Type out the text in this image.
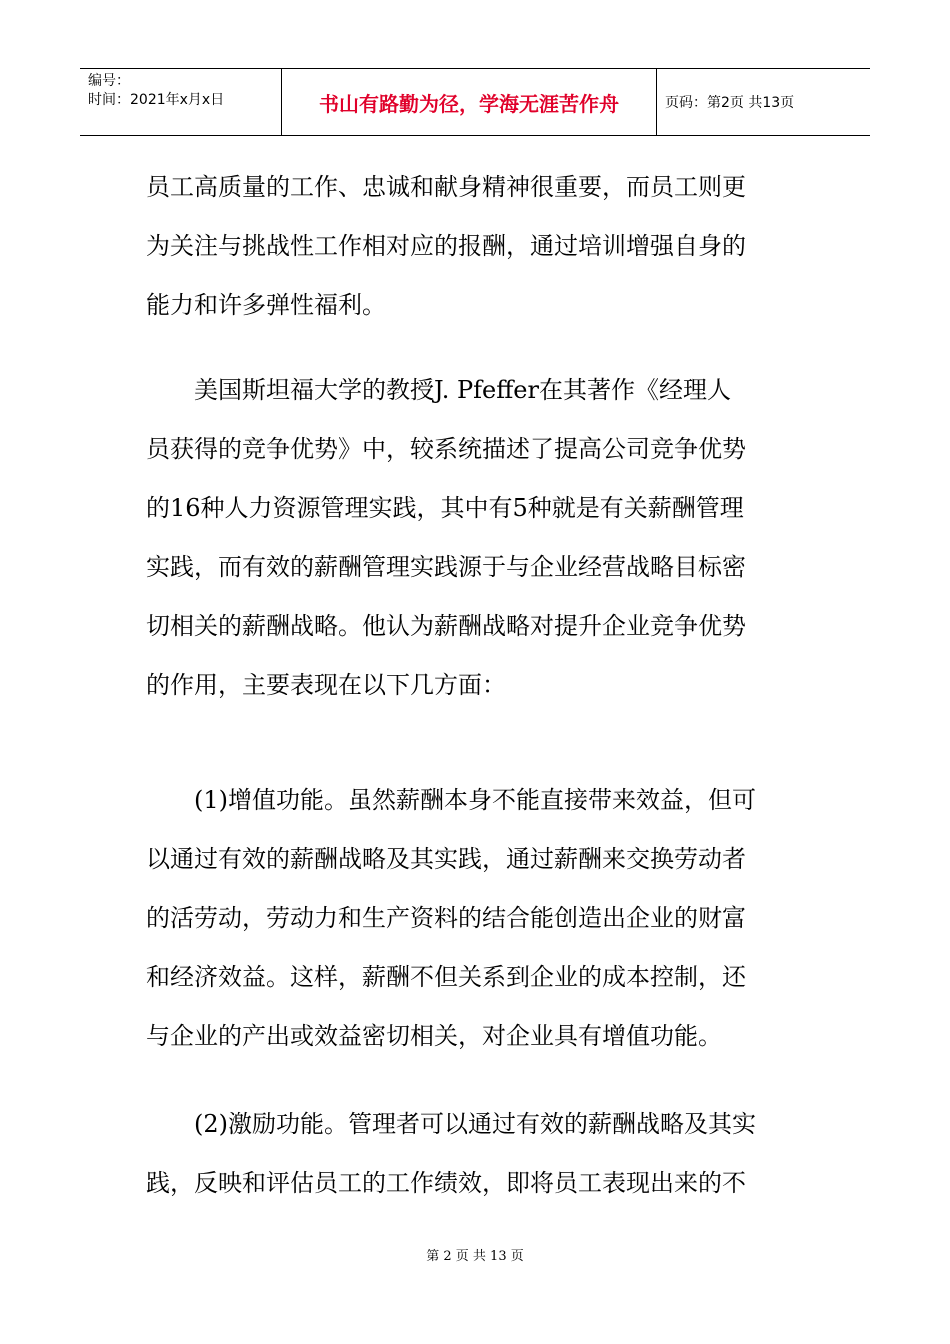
编号：
时间：2021年x月x日	书山有路勤为径，学海无涯苦作舟	页码：第2页 共13页
员工高质量的工作、忠诚和献身精神很重要，而员工则更
为关注与挑战性工作相对应的报酬，通过培训增强自身的
能力和许多弹性福利。
　　美国斯坦福大学的教授J. Pfeffer在其著作《经理人
员获得的竞争优势》中，较系统描述了提高公司竞争优势
的16种人力资源管理实践，其中有5种就是有关薪酬管理
实践，而有效的薪酬管理实践源于与企业经营战略目标密
切相关的薪酬战略。他认为薪酬战略对提升企业竞争优势
的作用，主要表现在以下几方面：
　　(1)增值功能。虽然薪酬本身不能直接带来效益，但可
以通过有效的薪酬战略及其实践，通过薪酬来交换劳动者
的活劳动，劳动力和生产资料的结合能创造出企业的财富
和经济效益。这样，薪酬不但关系到企业的成本控制，还
与企业的产出或效益密切相关，对企业具有增值功能。
　　(2)激励功能。管理者可以通过有效的薪酬战略及其实
践，反映和评估员工的工作绩效，即将员工表现出来的不
第 2 页 共 13 页
